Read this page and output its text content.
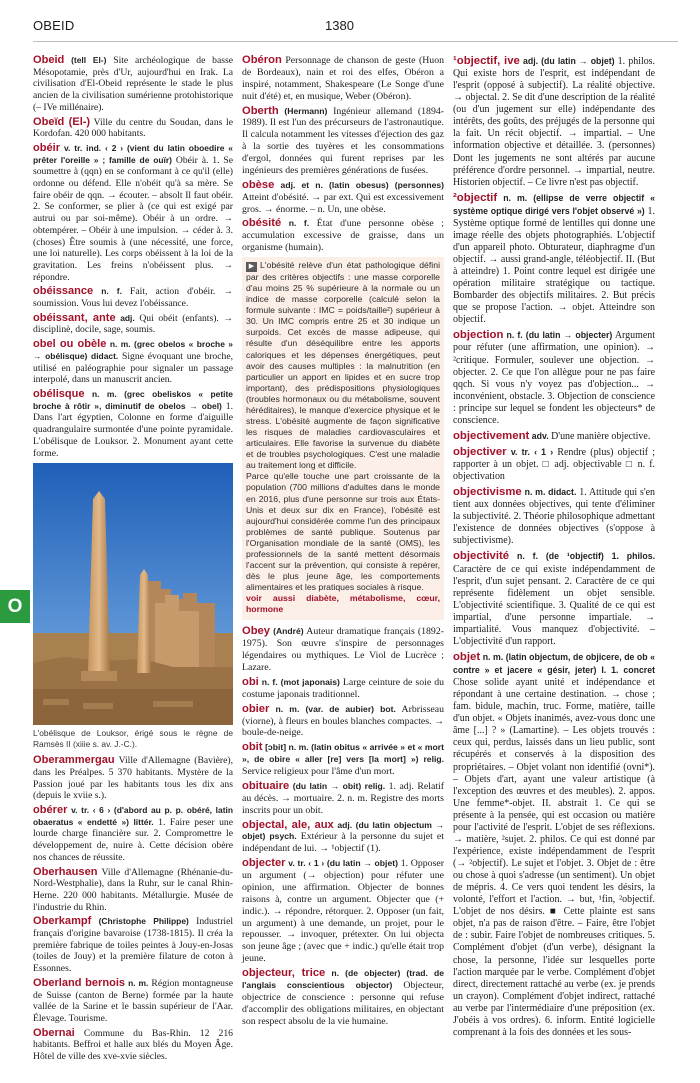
OBEID	1380
O
Obeid (tell El-) Site archéologique de basse Mésopotamie, près d'Ur, aujourd'hui en Irak. La civilisation d'El-Obeid représente le stade le plus ancien de la civilisation sumérienne protohistorique (– IVe millénaire).
Obeïd (El-) Ville du centre du Soudan, dans le Kordofan. 420 000 habitants.
obéir v. tr. ind. ‹ 2 › (vient du latin oboedire « prêter l'oreille » ; famille de ouïr) Obéir à. 1. Se soumettre à (qqn) en se conformant à ce qu'il (elle) ordonne ou défend. Elle n'obéit qu'à sa mère. Se faire obéir de qqn. → écouter. – absolt Il faut obéir. 2. Se conformer, se plier à (ce qui est exigé par autrui ou par soi-même). Obéir à un ordre. → obtempérer. – Obéir à une impulsion. → céder à. 3. (choses) Être soumis à (une nécessité, une force, une loi naturelle). Les corps obéissent à la loi de la gravitation. Les freins n'obéissent plus. → répondre.
obéissance n. f. Fait, action d'obéir. → soumission. Vous lui devez l'obéissance.
obéissant, ante adj. Qui obéit (enfants). → disciplinè, docile, sage, soumis.
obel ou obèle n. m. (grec obelos « broche » → obélisque) didact. Signe évoquant une broche, utilisé en paléographie pour signaler un passage interpolé, dans un manuscrit ancien.
obélisque n. m. (grec obeliskos « petite broche à rôtir », diminutif de obelos → obel) 1. Dans l'art égyptien, Colonne en forme d'aiguille quadrangulaire surmontée d'une pointe pyramidale. L'obélisque de Louksor. 2. Monument ayant cette forme.
L'obélisque de Louksor, érigé sous le règne de Ramsès II (xiiie s. av. J.-C.).
Oberammergau Ville d'Allemagne (Bavière), dans les Préalpes. 5 370 habitants. Mystère de la Passion joué par les habitants tous les dix ans (depuis le xviie s.).
obérer v. tr. ‹ 6 › (d'abord au p. p. obéré, latin obaeratus « endetté ») littér. 1. Faire peser une lourde charge financière sur. 2. Compromettre le développement de, nuire à. Cette décision obère nos chances de réussite.
Oberhausen Ville d'Allemagne (Rhénanie-du-Nord-Westphalie), dans la Ruhr, sur le canal Rhin-Herne. 220 000 habitants. Métallurgie. Musée de l'industrie du Rhin.
Oberkampf (Christophe Philippe) Industriel français d'origine bavaroise (1738-1815). Il créa la première fabrique de toiles peintes à Jouy-en-Josas (toiles de Jouy) et la première filature de coton à Essonnes.
Oberland bernois n. m. Région montagneuse de Suisse (canton de Berne) formée par la haute vallée de la Sarine et le bassin supérieur de l'Aar. Élevage. Tourisme.
Obernai Commune du Bas-Rhin. 12 216 habitants. Beffroi et halle aux blés du Moyen Âge. Hôtel de ville des xve-xvie siècles.
Obéron Personnage de chanson de geste (Huon de Bordeaux), nain et roi des elfes, Obéron a inspiré, notamment, Shakespeare (Le Songe d'une nuit d'été) et, en musique, Weber (Obéron).
Oberth (Hermann) Ingénieur allemand (1894-1989). Il est l'un des précurseurs de l'astronautique. Il calcula notamment les vitesses d'éjection des gaz à la sortie des tuyères et les consommations d'ergol, données qui furent reprises par les ingénieurs des premières générations de fusées.
obèse adj. et n. (latin obesus) (personnes) Atteint d'obésité. → par ext. Qui est excessivement gros. → énorme. – n. Un, une obèse.
obésité n. f. État d'une personne obèse ; accumulation excessive de graisse, dans un organisme (humain).
▶ L'obésité relève d'un état pathologique défini par des critères objectifs : une masse corporelle d'au moins 25 % supérieure à la normale ou un indice de masse corporelle (calculé selon la formule suivante : IMC = poids/taille²) supérieur à 30. Un IMC compris entre 25 et 30 indique un surpoids. Cet excès de masse adipeuse, qui résulte d'un déséquilibre entre les apports caloriques et les dépenses énergétiques, peut avoir des causes multiples : la malnutrition (en particulier un apport en lipides et en sucre trop important), des prédispositions physiologiques (troubles hormonaux ou du métabolisme, souvent héréditaires), le manque d'exercice physique et le stress. L'obésité augmente de façon significative les risques de maladies cardiovasculaires et articulaires. Elle favorise la survenue du diabète et de troubles psychologiques. C'est une maladie au traitement long et difficile.
Parce qu'elle touche une part croissante de la population (700 millions d'adultes dans le monde en 2016, plus d'une personne sur trois aux États-Unis et deux sur dix en France), l'obésité est aujourd'hui considérée comme l'un des principaux problèmes de santé publique. Soutenus par l'Organisation mondiale de la santé (OMS), les professionnels de la santé mettent désormais l'accent sur la prévention, qui consiste à repérer, dès le plus jeune âge, les comportements alimentaires et les pratiques sociales à risque.
voir aussi diabète, métabolisme, cœur, hormone
Obey (André) Auteur dramatique français (1892-1975). Son œuvre s'inspire de personnages légendaires ou mythiques. Le Viol de Lucrèce ; Lazare.
obi n. f. (mot japonais) Large ceinture de soie du costume japonais traditionnel.
obier n. m. (var. de aubier) bot. Arbrisseau (viorne), à fleurs en boules blanches compactes. → boule-de-neige.
obit [ɔbit] n. m. (latin obitus « arrivée » et « mort », de obire « aller [re] vers [la mort] ») relig. Service religieux pour l'âme d'un mort.
obituaire (du latin → obit) relig. 1. adj. Relatif au décès. → mortuaire. 2. n. m. Registre des morts inscrits pour un obit.
objectal, ale, aux adj. (du latin objectum → objet) psych. Extérieur à la personne du sujet et indépendant de lui. → ¹objectif (1).
objecter v. tr. ‹ 1 › (du latin → objet) 1. Opposer un argument (→ objection) pour réfuter une opinion, une affirmation. Objecter de bonnes raisons à, contre un argument. Objecter que (+ indic.). → répondre, rétorquer. 2. Opposer (un fait, un argument) à une demande, un projet, pour le repousser. → invoquer, prétexter. On lui objecta son jeune âge ; (avec que + indic.) qu'elle était trop jeune.
objecteur, trice n. (de objecter) (trad. de l'anglais conscientious objector) Objecteur, objectrice de conscience : personne qui refuse d'accomplir des obligations militaires, en objectant son respect absolu de la vie humaine.
¹objectif, ive adj. (du latin → objet) 1. philos. Qui existe hors de l'esprit, est indépendant de l'esprit (opposé à subjectif). La réalité objective. → objectal. 2. Se dit d'une description de la réalité (ou d'un jugement sur elle) indépendante des intérêts, des goûts, des préjugés de la personne qui la fait. Un récit objectif. → impartial. – Une information objective et détaillée. 3. (personnes) Dont les jugements ne sont altérés par aucune préférence d'ordre personnel. → impartial, neutre. Historien objectif. – Ce livre n'est pas objectif.
²objectif n. m. (ellipse de verre objectif « système optique dirigé vers l'objet observé ») 1. Système optique formé de lentilles qui donne une image réelle des objets photographiés. L'objectif d'un appareil photo. Obturateur, diaphragme d'un objectif. → aussi grand-angle, téléobjectif. II. (But à atteindre) 1. Point contre lequel est dirigée une opération militaire stratégique ou tactique. Bombarder des objectifs militaires. 2. But précis que se propose l'action. → objet. Atteindre son objectif.
objection n. f. (du latin → objecter) Argument pour réfuter (une affirmation, une opinion). → ²critique. Formuler, soulever une objection. → objecter. 2. Ce que l'on allègue pour ne pas faire qqch. Si vous n'y voyez pas d'objection... → inconvénient, obstacle. 3. Objection de conscience : principe sur lequel se fondent les objecteurs* de conscience.
objectivement adv. D'une manière objective.
objectiver v. tr. ‹ 1 › Rendre (plus) objectif ; rapporter à un objet. □ adj. objectivable □ n. f. objectivation
objectivisme n. m. didact. 1. Attitude qui s'en tient aux données objectives, qui tente d'éliminer la subjectivité. 2. Théorie philosophique admettant l'existence de données objectives (s'oppose à subjectivisme).
objectivité n. f. (de ¹objectif) 1. philos. Caractère de ce qui existe indépendamment de l'esprit, d'un sujet pensant. 2. Caractère de ce qui représente fidèlement un objet sensible. L'objectivité scientifique. 3. Qualité de ce qui est impartial, d'une personne impartiale. → impartialité. Vous manquez d'objectivité. – L'objectivité d'un rapport.
objet n. m. (latin objectum, de objicere, de ob « contre » et jacere « gésir, jeter) I. 1. concret Chose solide ayant unité et indépendance et répondant à une certaine destination. → chose ; fam. bidule, machin, truc. Forme, matière, taille d'un objet. « Objets inanimés, avez-vous donc une âme [...] ? » (Lamartine). – Les objets trouvés : ceux qui, perdus, laissés dans un lieu public, sont récupérés et conservés à la disposition des propriétaires. – Objet volant non identifié (ovni*). – Objets d'art, ayant une valeur artistique (à l'exception des œuvres et des meubles). 2. appos. Une femme*-objet. II. abstrait 1. Ce qui se présente à la pensée, qui est occasion ou matière pour l'activité de l'esprit. L'objet de ses réflexions. → matière, ²sujet. 2. philos. Ce qui est donné par l'expérience, existe indépendamment de l'esprit (→ ²objectif). Le sujet et l'objet. 3. Objet de : être ou chose à quoi s'adresse (un sentiment). Un objet de mépris. 4. Ce vers quoi tendent les désirs, la volonté, l'effort et l'action. → but, ¹fin, ²objectif. L'objet de nos désirs. ■ Cette plainte est sans objet, n'a pas de raison d'être. – Faire, être l'objet de : subir. Faire l'objet de nombreuses critiques. 5. Complément d'objet (d'un verbe), désignant la chose, la personne, l'idée sur lesquelles porte l'action marquée par le verbe. Complément d'objet direct, directement rattaché au verbe (ex. je prends un crayon). Complément d'objet indirect, rattaché au verbe par l'intermédiaire d'une préposition (ex. J'obéis à vos ordres). 6. inform. Entité logicielle comprenant à la fois des données et les sous-
